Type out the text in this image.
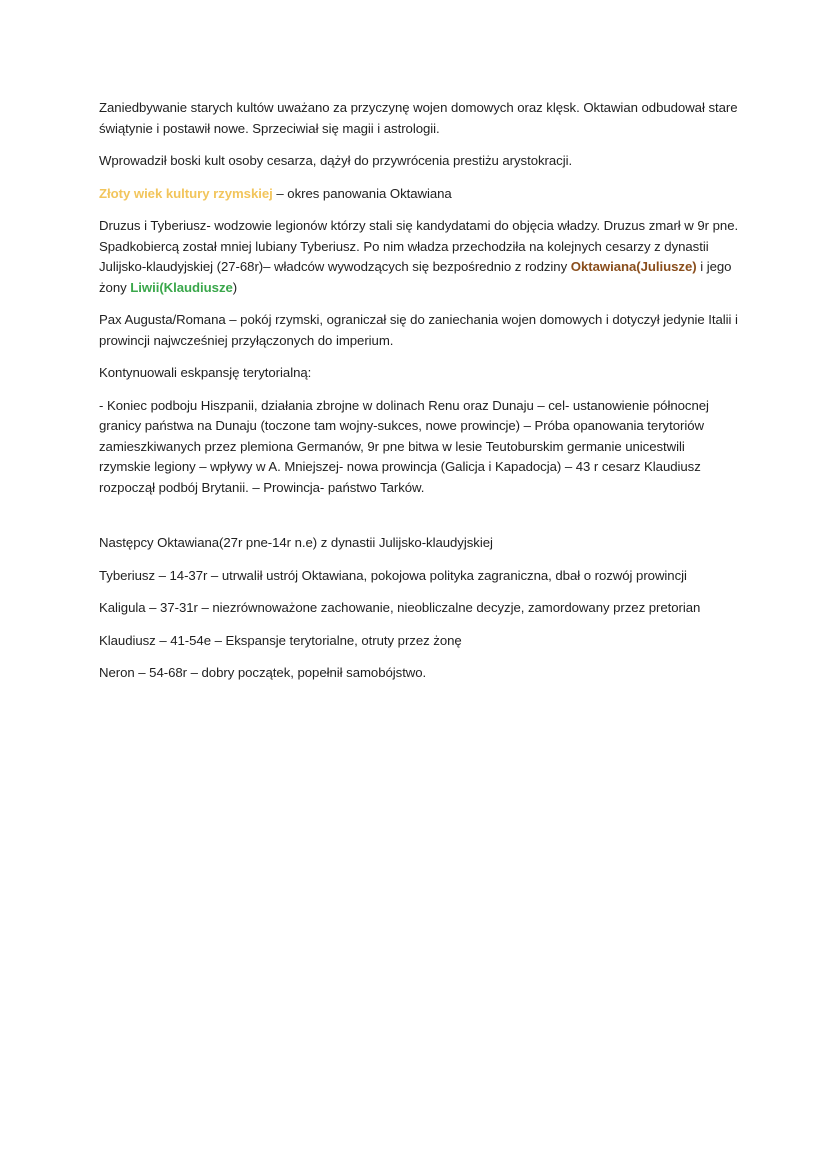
Zaniedbywanie starych kultów uważano za przyczynę wojen domowych oraz klęsk. Oktawian odbudował stare świątynie i postawił nowe. Sprzeciwiał się magii i astrologii.

Wprowadził boski kult osoby cesarza, dążył do przywrócenia prestiżu arystokracji.

Złoty wiek kultury rzymskiej – okres panowania Oktawiana

Druzus i Tyberiusz- wodzowie legionów którzy stali się kandydatami do objęcia władzy. Druzus zmarł w 9r pne. Spadkobiercą został mniej lubiany Tyberiusz. Po nim władza przechodziła na kolejnych cesarzy z dynastii Julijsko-klaudyjskiej (27-68r)– władców wywodzących się bezpośrednio z rodziny Oktawiana(Juliusze) i jego żony Liwii(Klaudiusze)

Pax Augusta/Romana – pokój rzymski, ograniczał się do zaniechania wojen domowych i dotyczył jedynie Italii i prowincji najwcześniej przyłączonych do imperium.

Kontynuowali eskpansję terytorialną:

- Koniec podboju Hiszpanii, działania zbrojne w dolinach Renu oraz Dunaju – cel- ustanowienie północnej granicy państwa na Dunaju (toczone tam wojny-sukces, nowe prowincje) – Próba opanowania terytoriów zamieszkiwanych przez plemiona Germanów, 9r pne bitwa w lesie Teutoburskim germanie unicestwili rzymskie legiony – wpływy w A. Mniejszej- nowa prowincja (Galicja i Kapadocja) – 43 r cesarz Klaudiusz rozpoczął podbój Brytanii. – Prowincja- państwo Tarków.

Następcy Oktawiana(27r pne-14r n.e) z dynastii Julijsko-klaudyjskiej

Tyberiusz – 14-37r – utrwalił ustrój Oktawiana, pokojowa polityka zagraniczna, dbał o rozwój prowincji

Kaligula – 37-31r – niezrównoważone zachowanie, nieobliczalne decyzje, zamordowany przez pretorian

Klaudiusz – 41-54e – Ekspansje terytorialne, otruty przez żonę

Neron – 54-68r – dobry początek, popełnił samobójstwo.
